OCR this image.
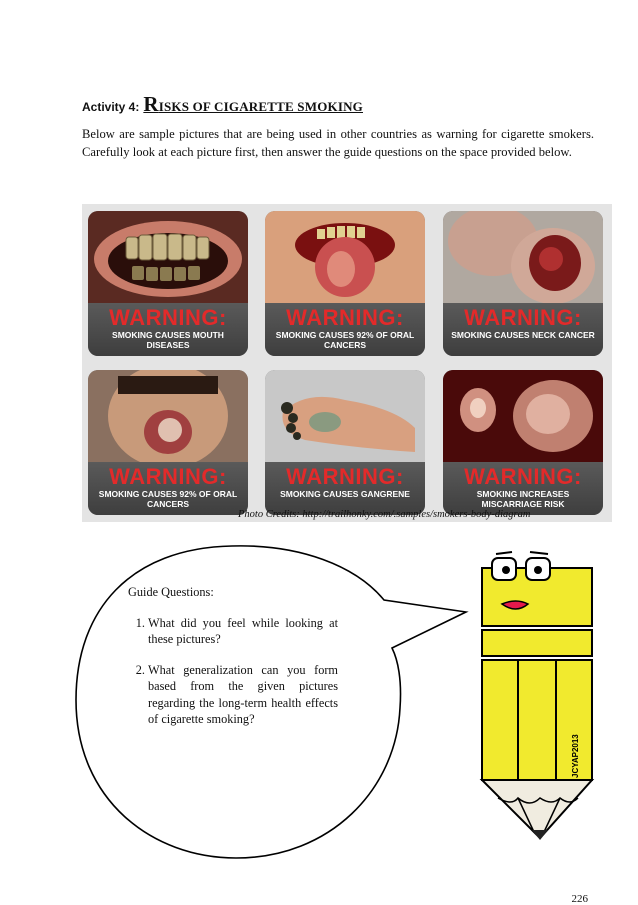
Activity 4: RISKS OF CIGARETTE SMOKING
Below are sample pictures that are being used in other countries as warning for cigarette smokers. Carefully look at each picture first, then answer the guide questions on the space provided below.
WARNING:
SMOKING CAUSES MOUTH DISEASES
WARNING:
SMOKING CAUSES 92% OF ORAL CANCERS
WARNING:
SMOKING CAUSES NECK CANCER
WARNING:
SMOKING CAUSES 92% OF ORAL CANCERS
WARNING:
SMOKING CAUSES GANGRENE
WARNING:
SMOKING INCREASES MISCARRIAGE RISK
Photo Credits: http://trailhonky.com/.samples/smokers-body-diagram
Guide Questions:
1. What did you feel while looking at these pictures?
2. What generalization can you form based from the given pictures regarding the long-term health effects of cigarette smoking?
JCYAP2013
226
